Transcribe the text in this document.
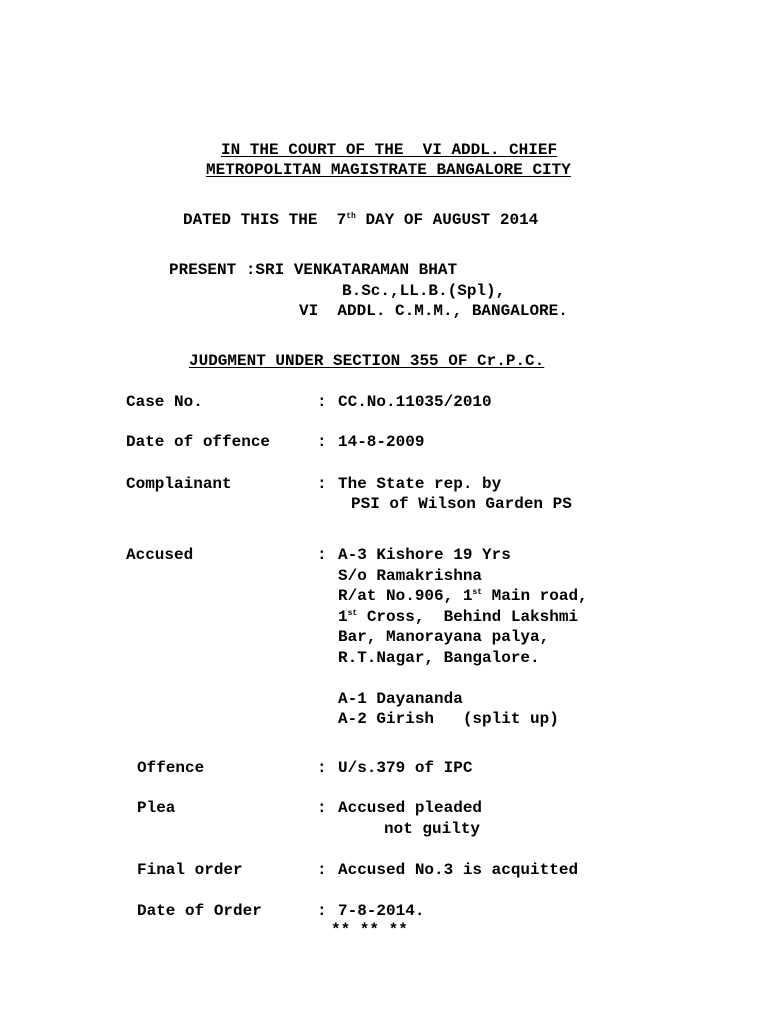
IN THE COURT OF THE  VI ADDL. CHIEF
METROPOLITAN MAGISTRATE BANGALORE CITY
DATED THIS THE  7th DAY OF AUGUST 2014
PRESENT :SRI VENKATARAMAN BHAT
B.Sc.,LL.B.(Spl),
VI  ADDL. C.M.M., BANGALORE.
JUDGMENT UNDER SECTION 355 OF Cr.P.C.
Case No.	: CC.No.11035/2010
Date of offence	: 14-8-2009
Complainant	: The State rep. by
PSI of Wilson Garden PS
Accused	: A-3 Kishore 19 Yrs
S/o Ramakrishna
R/at No.906, 1st Main road,
1st Cross,  Behind Lakshmi
Bar, Manorayana palya,
R.T.Nagar, Bangalore.
A-1 Dayananda
A-2 Girish   (split up)
Offence	: U/s.379 of IPC
Plea	: Accused pleaded
not guilty
Final order	: Accused No.3 is acquitted
Date of Order	: 7-8-2014.
** ** **
